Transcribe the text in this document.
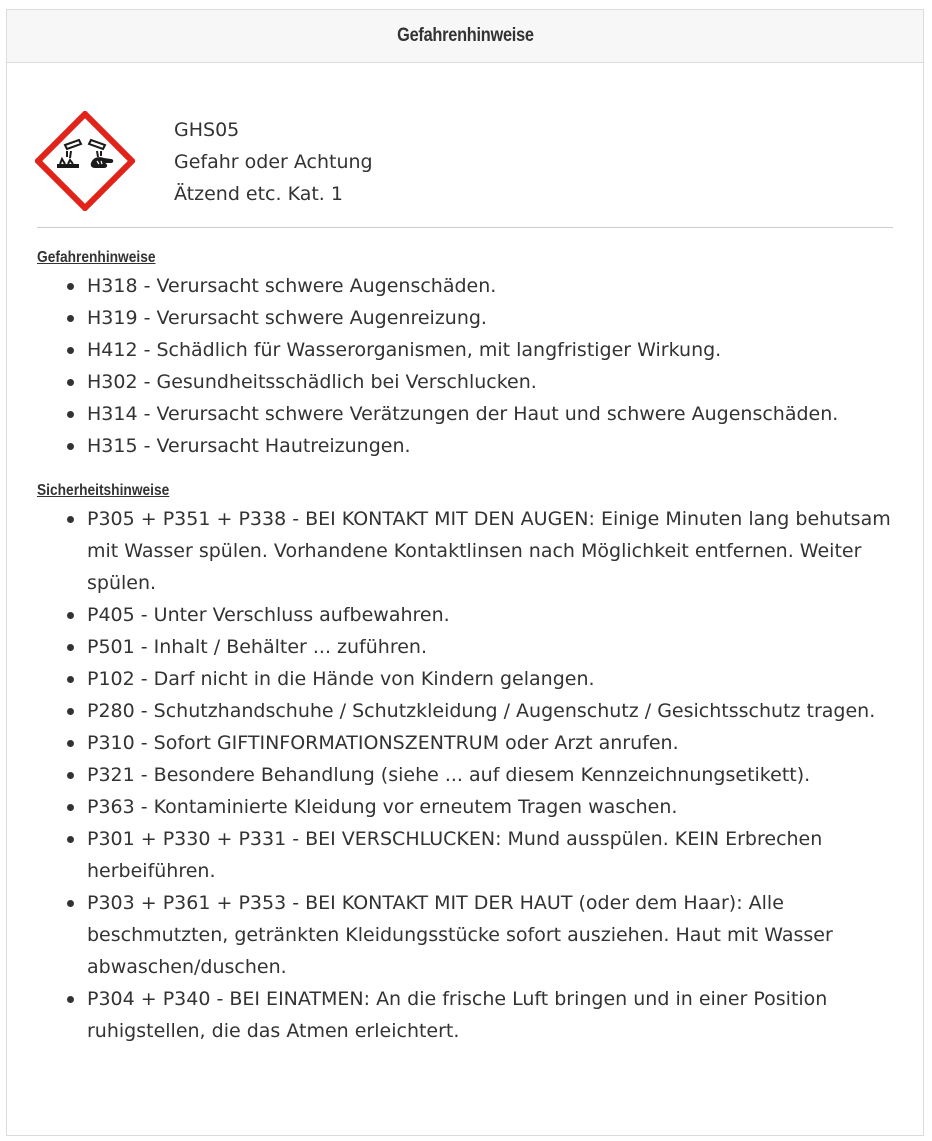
Gefahrenhinweise
GHS05
Gefahr oder Achtung
Ätzend etc. Kat. 1
Gefahrenhinweise
H318 - Verursacht schwere Augenschäden.
H319 - Verursacht schwere Augenreizung.
H412 - Schädlich für Wasserorganismen, mit langfristiger Wirkung.
H302 - Gesundheitsschädlich bei Verschlucken.
H314 - Verursacht schwere Verätzungen der Haut und schwere Augenschäden.
H315 - Verursacht Hautreizungen.
Sicherheitshinweise
P305 + P351 + P338 - BEI KONTAKT MIT DEN AUGEN: Einige Minuten lang behutsam mit Wasser spülen. Vorhandene Kontaktlinsen nach Möglichkeit entfernen. Weiter spülen.
P405 - Unter Verschluss aufbewahren.
P501 - Inhalt / Behälter ... zuführen.
P102 - Darf nicht in die Hände von Kindern gelangen.
P280 - Schutzhandschuhe / Schutzkleidung / Augenschutz / Gesichtsschutz tragen.
P310 - Sofort GIFTINFORMATIONSZENTRUM oder Arzt anrufen.
P321 - Besondere Behandlung (siehe ... auf diesem Kennzeichnungsetikett).
P363 - Kontaminierte Kleidung vor erneutem Tragen waschen.
P301 + P330 + P331 - BEI VERSCHLUCKEN: Mund ausspülen. KEIN Erbrechen herbeiführen.
P303 + P361 + P353 - BEI KONTAKT MIT DER HAUT (oder dem Haar): Alle beschmutzten, getränkten Kleidungsstücke sofort ausziehen. Haut mit Wasser abwaschen/duschen.
P304 + P340 - BEI EINATMEN: An die frische Luft bringen und in einer Position ruhigstellen, die das Atmen erleichtert.
